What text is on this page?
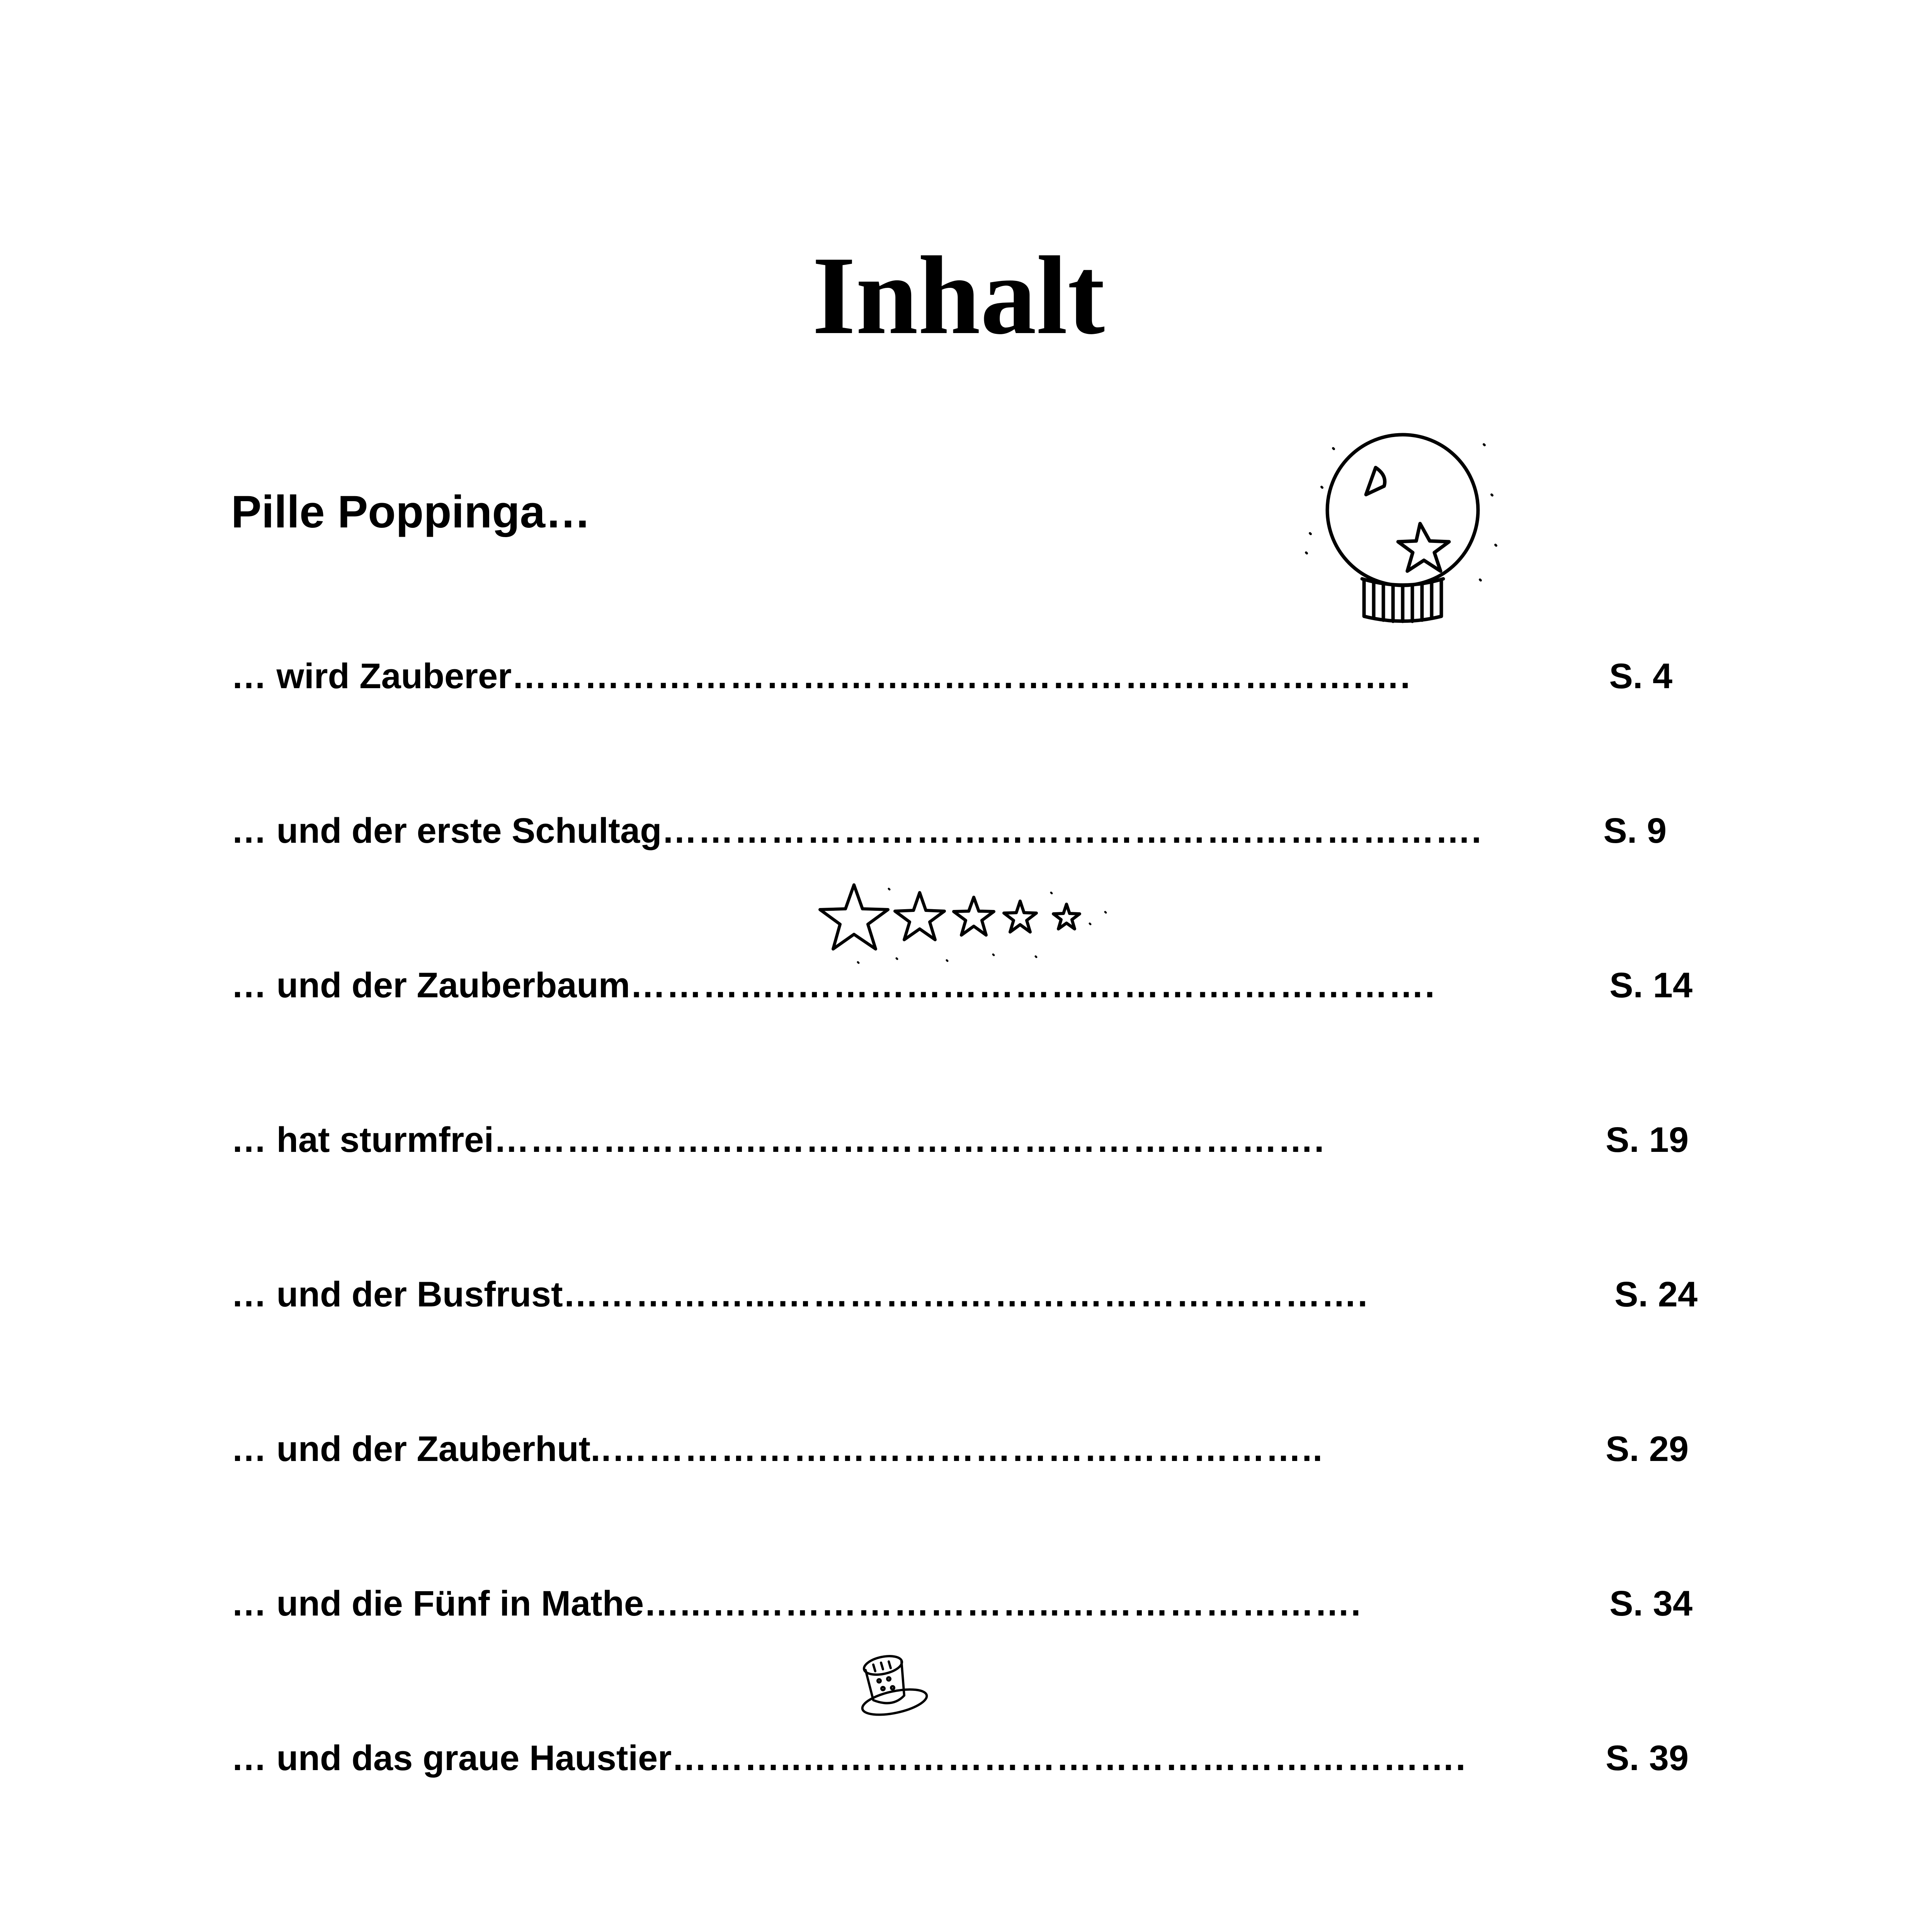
Inhalt
Pille Poppinga…
… wird Zauberer ……………………………...……………….…………….….	S. 4
… und der erste Schultag ………………………………………….……………….	S. 9
… und der Zauberbaum …………..……………………………….…………….	S. 14
… hat sturmfrei ………………..………………………………………….	S. 19
… und der Busfrust ……………...………………………………………….	S. 24
… und der Zauberhut ..…………………………………………………..	S. 29
… und die Fünf in Mathe …...………………………..…………………….	S. 34
… und das graue Haustier ………..……………………………………………….	S. 39
